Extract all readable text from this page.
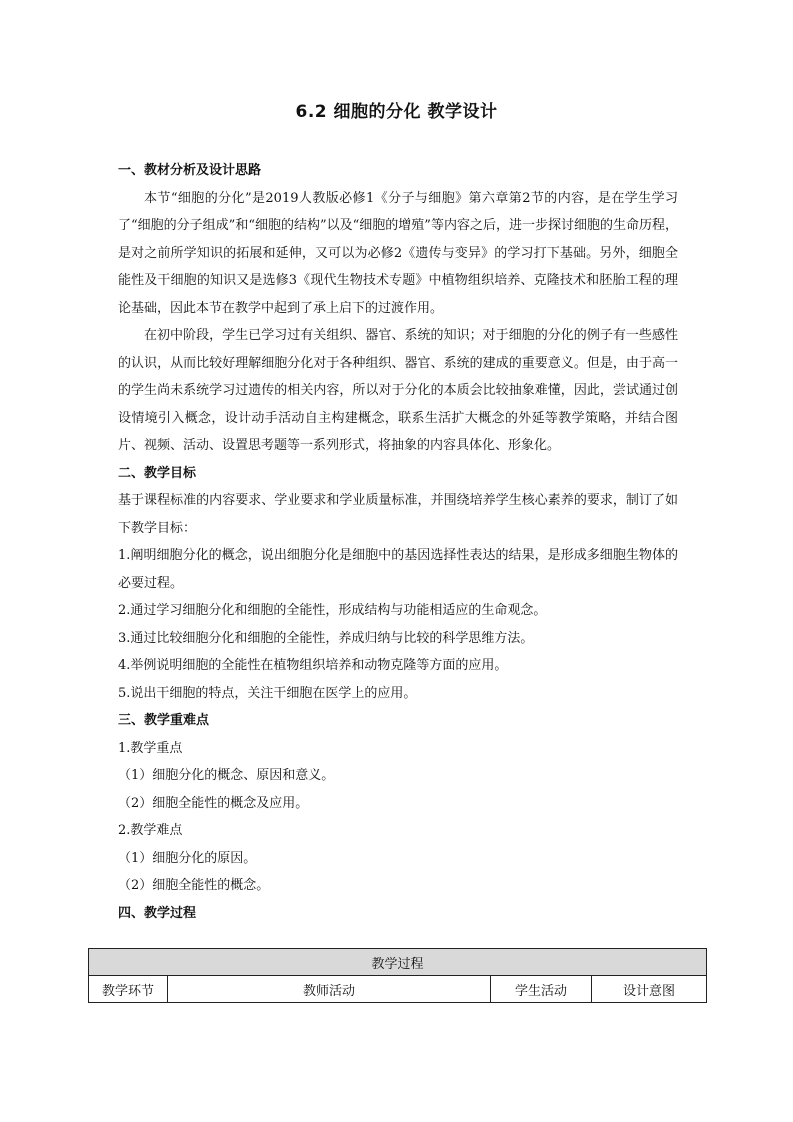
6.2 细胞的分化 教学设计

一、教材分析及设计思路

本节“细胞的分化”是2019人教版必修1《分子与细胞》第六章第2节的内容，是在学生学习了“细胞的分子组成”和“细胞的结构”以及“细胞的增殖”等内容之后，进一步探讨细胞的生命历程，是对之前所学知识的拓展和延伸，又可以为必修2《遗传与变异》的学习打下基础。另外，细胞全能性及干细胞的知识又是选修3《现代生物技术专题》中植物组织培养、克隆技术和胚胎工程的理论基础，因此本节在教学中起到了承上启下的过渡作用。

在初中阶段，学生已学习过有关组织、器官、系统的知识；对于细胞的分化的例子有一些感性的认识，从而比较好理解细胞分化对于各种组织、器官、系统的建成的重要意义。但是，由于高一的学生尚未系统学习过遗传的相关内容，所以对于分化的本质会比较抽象难懂，因此，尝试通过创设情境引入概念，设计动手活动自主构建概念，联系生活扩大概念的外延等教学策略，并结合图片、视频、活动、设置思考题等一系列形式，将抽象的内容具体化、形象化。

二、教学目标

基于课程标准的内容要求、学业要求和学业质量标准，并围绕培养学生核心素养的要求，制订了如下教学目标：

1.阐明细胞分化的概念，说出细胞分化是细胞中的基因选择性表达的结果，是形成多细胞生物体的必要过程。

2.通过学习细胞分化和细胞的全能性，形成结构与功能相适应的生命观念。

3.通过比较细胞分化和细胞的全能性，养成归纳与比较的科学思维方法。

4.举例说明细胞的全能性在植物组织培养和动物克隆等方面的应用。

5.说出干细胞的特点，关注干细胞在医学上的应用。

三、教学重难点

1.教学重点

（1）细胞分化的概念、原因和意义。

（2）细胞全能性的概念及应用。

2.教学难点

（1）细胞分化的原因。

（2）细胞全能性的概念。

四、教学过程

教学过程
教学环节	教师活动	学生活动	设计意图
